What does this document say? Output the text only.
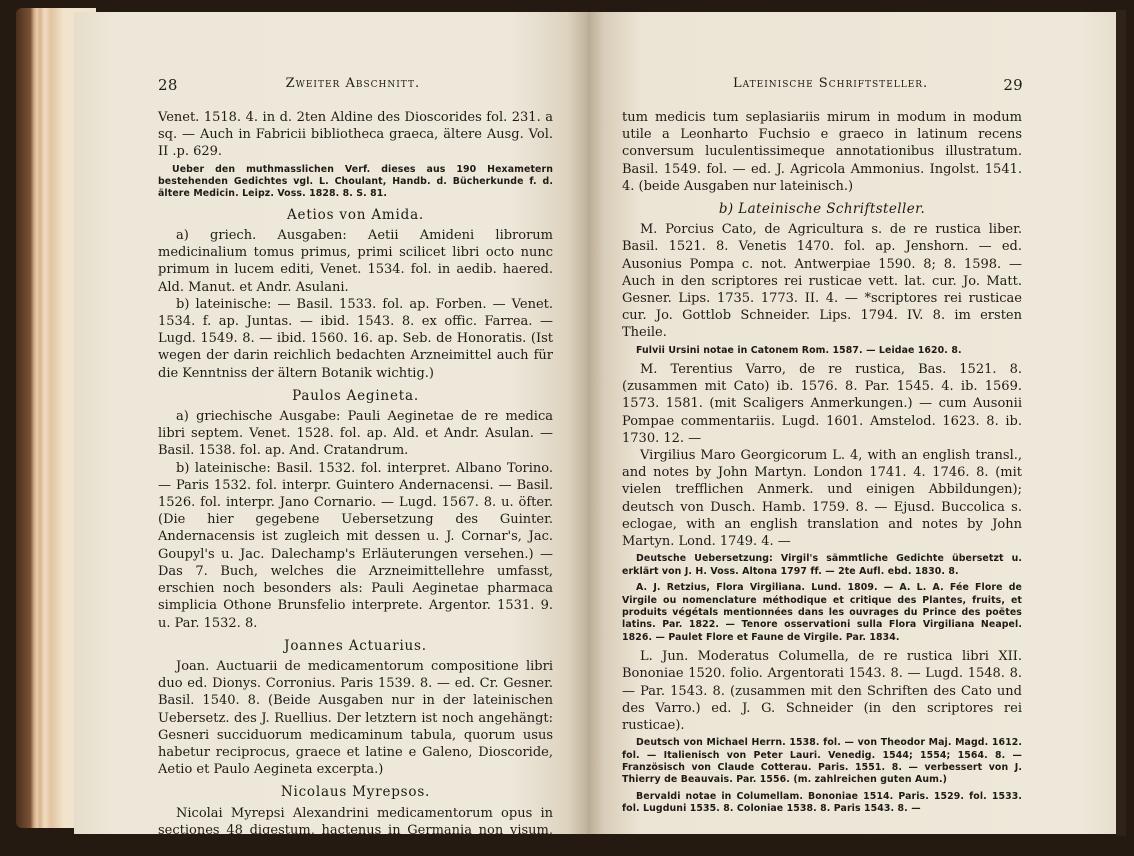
28	Zweiter Abschnitt.

Venet. 1518. 4. in d. 2ten Aldine des Dioscorides fol. 231. a sq. — Auch in Fabricii bibliotheca graeca, ältere Ausg. Vol. II .p. 629.

Ueber den muthmasslichen Verf. dieses aus 190 Hexametern bestehenden Gedichtes vgl. L. Choulant, Handb. d. Bücherkunde f. d. ältere Medicin. Leipz. Voss. 1828. 8. S. 81.

Aetios von Amida.

a) griech. Ausgaben: Aetii Amideni librorum medicinalium tomus primus, primi scilicet libri octo nunc primum in lucem editi, Venet. 1534. fol. in aedib. haered. Ald. Manut. et Andr. Asulani.

b) lateinische: — Basil. 1533. fol. ap. Forben. — Venet. 1534. f. ap. Juntas. — ibid. 1543. 8. ex offic. Farrea. — Lugd. 1549. 8. — ibid. 1560. 16. ap. Seb. de Honoratis. (Ist wegen der darin reichlich bedachten Arzneimittel auch für die Kenntniss der ältern Botanik wichtig.)

Paulos Aegineta.

a) griechische Ausgabe: Pauli Aeginetae de re medica libri septem. Venet. 1528. fol. ap. Ald. et Andr. Asulan. — Basil. 1538. fol. ap. And. Cratandrum.

b) lateinische: Basil. 1532. fol. interpret. Albano Torino. — Paris 1532. fol. interpr. Guintero Andernacensi. — Basil. 1526. fol. interpr. Jano Cornario. — Lugd. 1567. 8. u. öfter. (Die hier gegebene Uebersetzung des Guinter. Andernacensis ist zugleich mit dessen u. J. Cornar's, Jac. Goupyl's u. Jac. Dalechamp's Erläuterungen versehen.) — Das 7. Buch, welches die Arzneimittellehre umfasst, erschien noch besonders als: Pauli Aeginetae pharmaca simplicia Othone Brunsfelio interprete. Argentor. 1531. 9. u. Par. 1532. 8.

Joannes Actuarius.

Joan. Auctuarii de medicamentorum compositione libri duo ed. Dionys. Corronius. Paris 1539. 8. — ed. Cr. Gesner. Basil. 1540. 8. (Beide Ausgaben nur in der lateinischen Uebersetz. des J. Ruellius. Der letztern ist noch angehängt: Gesneri succiduorum medicaminum tabula, quorum usus habetur reciprocus, graece et latine e Galeno, Dioscoride, Aetio et Paulo Aegineta excerpta.)

Nicolaus Myrepsos.

Nicolai Myrepsi Alexandrini medicamentorum opus in sectiones 48 digestum, hactenus in Germania non visum, omnibus

Lateinische Schriftsteller.	29

tum medicis tum seplasiariis mirum in modum in modum utile a Leonharto Fuchsio e graeco in latinum recens conversum luculentissimeque annotationibus illustratum. Basil. 1549. fol. — ed. J. Agricola Ammonius. Ingolst. 1541. 4. (beide Ausgaben nur lateinisch.)

b) Lateinische Schriftsteller.

M. Porcius Cato, de Agricultura s. de re rustica liber. Basil. 1521. 8. Venetis 1470. fol. ap. Jenshorn. — ed. Ausonius Pompa c. not. Antwerpiae 1590. 8; 8. 1598. — Auch in den scriptores rei rusticae vett. lat. cur. Jo. Matt. Gesner. Lips. 1735. 1773. II. 4. — *scriptores rei rusticae cur. Jo. Gottlob Schneider. Lips. 1794. IV. 8. im ersten Theile.

Fulvii Ursini notae in Catonem Rom. 1587. — Leidae 1620. 8.

M. Terentius Varro, de re rustica, Bas. 1521. 8. (zusammen mit Cato) ib. 1576. 8. Par. 1545. 4. ib. 1569. 1573. 1581. (mit Scaligers Anmerkungen.) — cum Ausonii Pompae commentariis. Lugd. 1601. Amstelod. 1623. 8. ib. 1730. 12. —

Virgilius Maro Georgicorum L. 4, with an english transl., and notes by John Martyn. London 1741. 4. 1746. 8. (mit vielen trefflichen Anmerk. und einigen Abbildungen); deutsch von Dusch. Hamb. 1759. 8. — Ejusd. Buccolica s. eclogae, with an english translation and notes by John Martyn. Lond. 1749. 4. —

Deutsche Uebersetzung: Virgil's sämmtliche Gedichte übersetzt u. erklärt von J. H. Voss. Altona 1797 ff. — 2te Aufl. ebd. 1830. 8.

A. J. Retzius, Flora Virgiliana. Lund. 1809. — A. L. A. Fée Flore de Virgile ou nomenclature méthodique et critique des Plantes, fruits, et produits végétals mentionnées dans les ouvrages du Prince des poëtes latins. Par. 1822. — Tenore osservationi sulla Flora Virgiliana Neapel. 1826. — Paulet Flore et Faune de Virgile. Par. 1834.

L. Jun. Moderatus Columella, de re rustica libri XII. Bononiae 1520. folio. Argentorati 1543. 8. — Lugd. 1548. 8. — Par. 1543. 8. (zusammen mit den Schriften des Cato und des Varro.) ed. J. G. Schneider (in den scriptores rei rusticae).

Deutsch von Michael Herrn. 1538. fol. — von Theodor Maj. Magd. 1612. fol. — Italienisch von Peter Lauri. Venedig. 1544; 1554; 1564. 8. — Französisch von Claude Cotterau. Paris. 1551. 8. — verbessert von J. Thierry de Beauvais. Par. 1556. (m. zahlreichen guten Aum.)

Bervaldi notae in Columellam. Bononiae 1514. Paris. 1529. fol. 1533. fol. Lugduni 1535. 8. Coloniae 1538. 8. Paris 1543. 8. —
